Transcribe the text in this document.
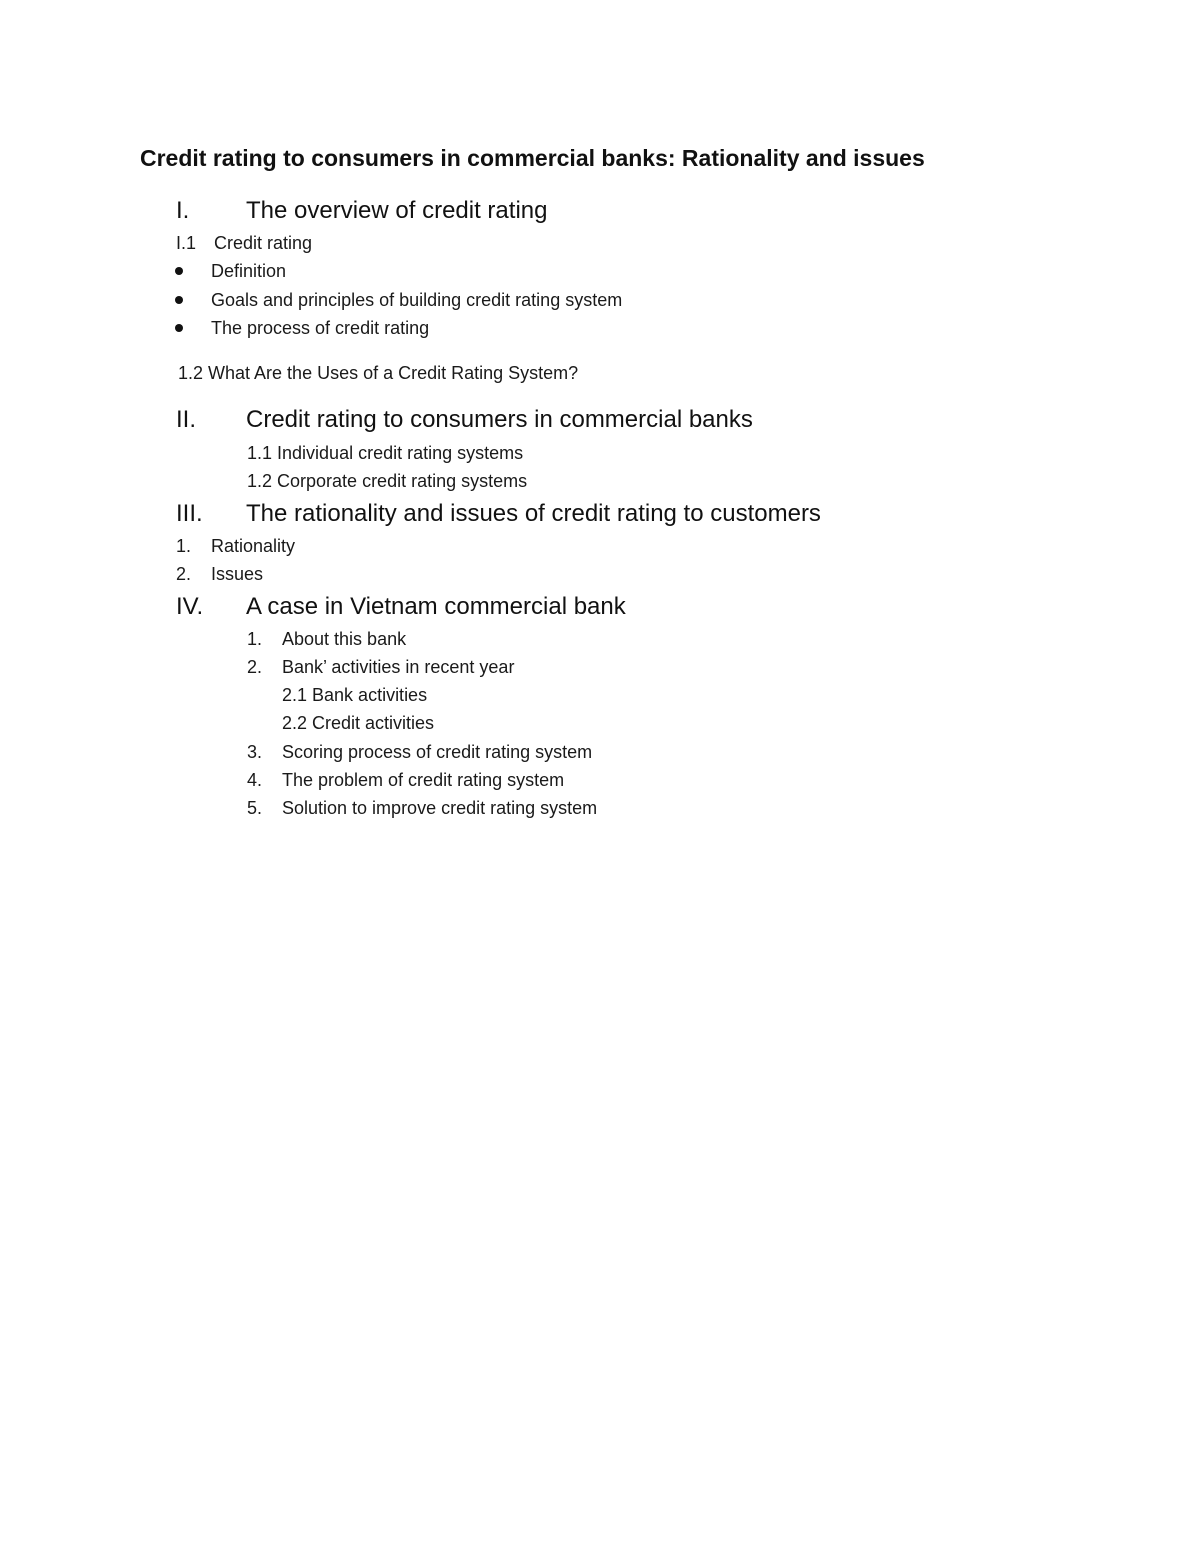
Credit rating to consumers in commercial banks: Rationality and issues
I. The overview of credit rating
I.1 Credit rating
Definition
Goals and principles of building credit rating system
The process of credit rating
1.2 What Are the Uses of a Credit Rating System?
II. Credit rating to consumers in commercial banks
1.1 Individual credit rating systems
1.2 Corporate credit rating systems
III. The rationality and issues of credit rating to customers
1. Rationality
2. Issues
IV. A case in Vietnam commercial bank
1. About this bank
2. Bank’ activities in recent year
2.1 Bank activities
2.2 Credit activities
3. Scoring process of credit rating system
4. The problem of credit rating system
5. Solution to improve credit rating system
